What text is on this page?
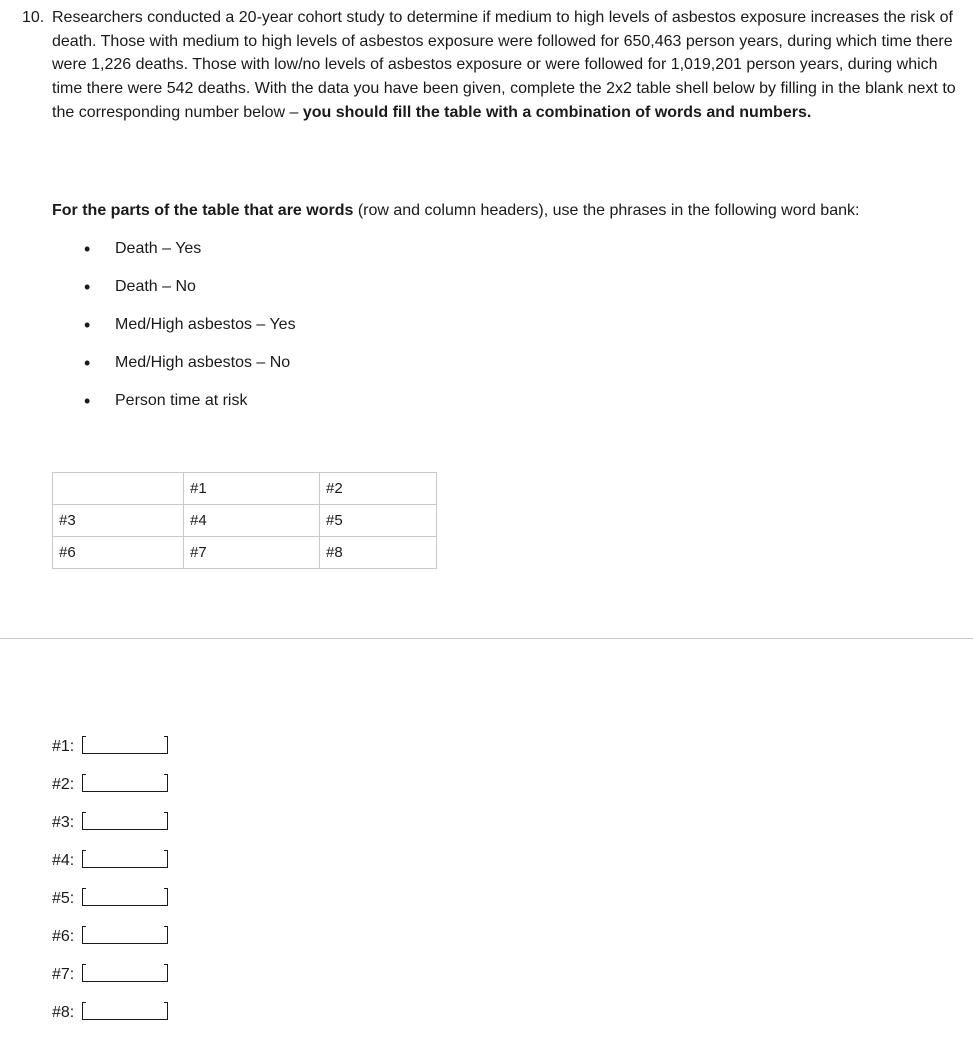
10. Researchers conducted a 20-year cohort study to determine if medium to high levels of asbestos exposure increases the risk of death. Those with medium to high levels of asbestos exposure were followed for 650,463 person years, during which time there were 1,226 deaths. Those with low/no levels of asbestos exposure or were followed for 1,019,201 person years, during which time there were 542 deaths. With the data you have been given, complete the 2x2 table shell below by filling in the blank next to the corresponding number below – you should fill the table with a combination of words and numbers.
For the parts of the table that are words (row and column headers), use the phrases in the following word bank:
• Death – Yes
• Death – No
• Med/High asbestos – Yes
• Med/High asbestos – No
• Person time at risk
	#1	#2
#3	#4	#5
#6	#7	#8
#1:
#2:
#3:
#4:
#5:
#6:
#7:
#8:
